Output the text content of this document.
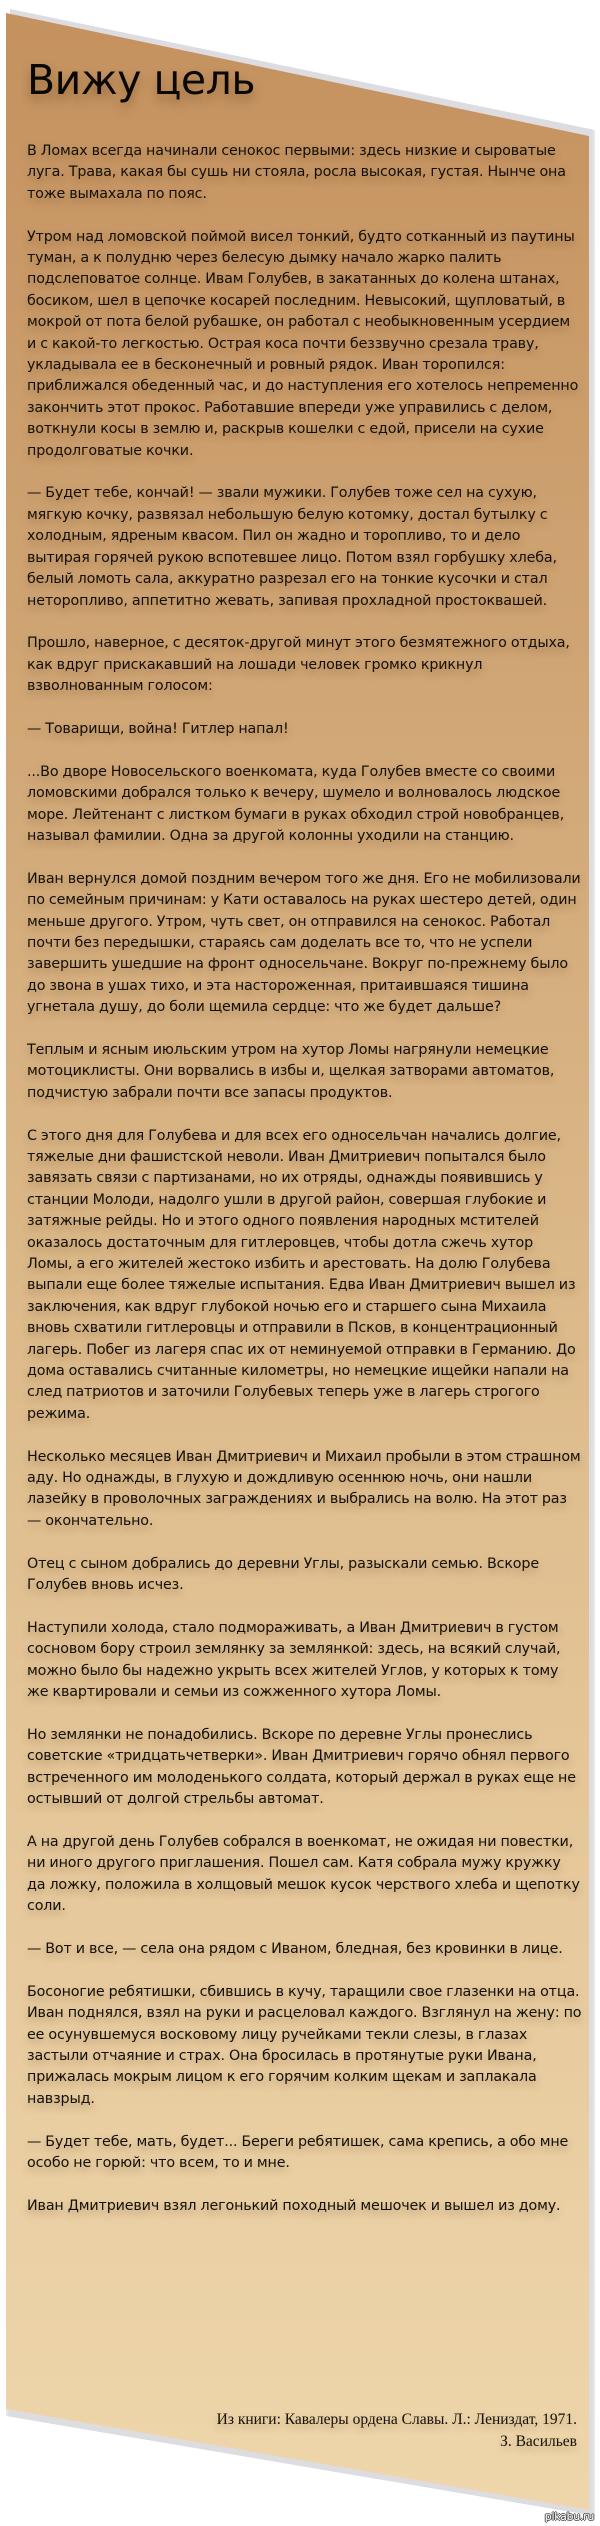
Вижу цель

В Ломах всегда начинали сенокос первыми: здесь низкие и сыроватые луга. Трава, какая бы сушь ни стояла, росла высокая, густая. Нынче она тоже вымахала по пояс.

Утром над ломовской поймой висел тонкий, будто сотканный из паутины туман, а к полудню через белесую дымку начало жарко палить подслеповатое солнце. Ивам Голубев, в закатанных до колена штанах, босиком, шел в цепочке косарей последним. Невысокий, щупловатый, в мокрой от пота белой рубашке, он работал с необыкновенным усердием и с какой-то легкостью. Острая коса почти беззвучно срезала траву, укладывала ее в бесконечный и ровный рядок. Иван торопился: приближался обеденный час, и до наступления его хотелось непременно закончить этот прокос. Работавшие впереди уже управились с делом, воткнули косы в землю и, раскрыв кошелки с едой, присели на сухие продолговатые кочки.

— Будет тебе, кончай! — звали мужики. Голубев тоже сел на сухую, мягкую кочку, развязал небольшую белую котомку, достал бутылку с холодным, ядреным квасом. Пил он жадно и торопливо, то и дело вытирая горячей рукою вспотевшее лицо. Потом взял горбушку хлеба, белый ломоть сала, аккуратно разрезал его на тонкие кусочки и стал неторопливо, аппетитно жевать, запивая прохладной простоквашей.

Прошло, наверное, с десяток-другой минут этого безмятежного отдыха, как вдруг прискакавший на лошади человек громко крикнул взволнованным голосом:

— Товарищи, война! Гитлер напал!

...Во дворе Новосельского военкомата, куда Голубев вместе со своими ломовскими добрался только к вечеру, шумело и волновалось людское море. Лейтенант с листком бумаги в руках обходил строй новобранцев, называл фамилии. Одна за другой колонны уходили на станцию.

Иван вернулся домой поздним вечером того же дня. Его не мобилизовали по семейным причинам: у Кати оставалось на руках шестеро детей, один меньше другого. Утром, чуть свет, он отправился на сенокос. Работал почти без передышки, стараясь сам доделать все то, что не успели завершить ушедшие на фронт односельчане. Вокруг по-прежнему было до звона в ушах тихо, и эта настороженная, притаившаяся тишина угнетала душу, до боли щемила сердце: что же будет дальше?

Теплым и ясным июльским утром на хутор Ломы нагрянули немецкие мотоциклисты. Они ворвались в избы и, щелкая затворами автоматов, подчистую забрали почти все запасы продуктов.

С этого дня для Голубева и для всех его односельчан начались долгие, тяжелые дни фашистской неволи. Иван Дмитриевич попытался было завязать связи с партизанами, но их отряды, однажды появившись у станции Молоди, надолго ушли в другой район, совершая глубокие и затяжные рейды. Но и этого одного появления народных мстителей оказалось достаточным для гитлеровцев, чтобы дотла сжечь хутор Ломы, а его жителей жестоко избить и арестовать. На долю Голубева выпали еще более тяжелые испытания. Едва Иван Дмитриевич вышел из заключения, как вдруг глубокой ночью его и старшего сына Михаила вновь схватили гитлеровцы и отправили в Псков, в концентрационный лагерь. Побег из лагеря спас их от неминуемой отправки в Германию. До дома оставались считанные километры, но немецкие ищейки напали на след патриотов и заточили Голубевых теперь уже в лагерь строгого режима.

Несколько месяцев Иван Дмитриевич и Михаил пробыли в этом страшном аду. Но однажды, в глухую и дождливую осеннюю ночь, они нашли лазейку в проволочных заграждениях и выбрались на волю. На этот раз — окончательно.

Отец с сыном добрались до деревни Углы, разыскали семью. Вскоре Голубев вновь исчез.

Наступили холода, стало подмораживать, а Иван Дмитриевич в густом сосновом бору строил землянку за землянкой: здесь, на всякий случай, можно было бы надежно укрыть всех жителей Углов, у которых к тому же квартировали и семьи из сожженного хутора Ломы.

Но землянки не понадобились. Вскоре по деревне Углы пронеслись советские «тридцатьчетверки». Иван Дмитриевич горячо обнял первого встреченного им молоденького солдата, который держал в руках еще не остывший от долгой стрельбы автомат.

А на другой день Голубев собрался в военкомат, не ожидая ни повестки, ни иного другого приглашения. Пошел сам. Катя собрала мужу кружку да ложку, положила в холщовый мешок кусок черствого хлеба и щепотку соли.

— Вот и все, — села она рядом с Иваном, бледная, без кровинки в лице.

Босоногие ребятишки, сбившись в кучу, таращили свое глазенки на отца. Иван поднялся, взял на руки и расцеловал каждого. Взглянул на жену: по ее осунувшемуся восковому лицу ручейками текли слезы, в глазах застыли отчаяние и страх. Она бросилась в протянутые руки Ивана, прижалась мокрым лицом к его горячим колким щекам и заплакала навзрыд.

— Будет тебе, мать, будет... Береги ребятишек, сама крепись, а обо мне особо не горюй: что всем, то и мне.

Иван Дмитриевич взял легонький походный мешочек и вышел из дому.

Из книги: Кавалеры ордена Славы. Л.: Лениздат, 1971.
З. Васильев
pikabu.ru
